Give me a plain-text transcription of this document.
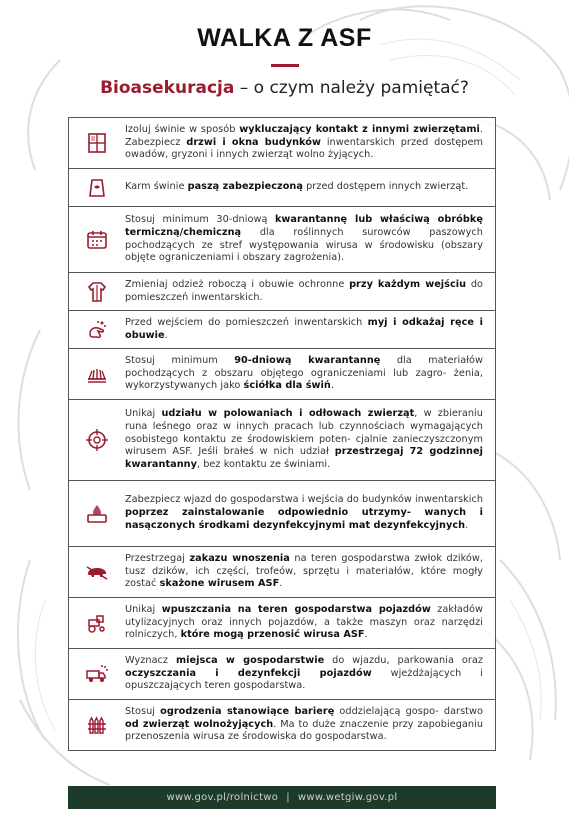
WALKA Z ASF
Bioasekuracja – o czym należy pamiętać?
Izoluj świnie w sposób wykluczający kontakt z innymi zwierzętami. Zabezpiecz drzwi i okna budynków inwentarskich przed dostępem owadów, gryzoni i innych zwierząt wolno żyjących.
Karm świnie paszą zabezpieczoną przed dostępem innych zwierząt.
Stosuj minimum 30-dniową kwarantannę lub właściwą obróbkę termiczną/chemiczną dla roślinnych surowców paszowych pochodzących ze stref występowania wirusa w środowisku (obszary objęte ograniczeniami i obszary zagrożenia).
Zmieniaj odzież roboczą i obuwie ochronne przy każdym wejściu do pomieszczeń inwentarskich.
Przed wejściem do pomieszczeń inwentarskich myj i odkażaj ręce i obuwie.
Stosuj minimum 90-dniową kwarantannę dla materiałów pochodzących z obszaru objętego ograniczeniami lub zagro- żenia, wykorzystywanych jako ściółka dla świń.
Unikaj udziału w polowaniach i odłowach zwierząt, w zbieraniu runa leśnego oraz w innych pracach lub czynnościach wymagających osobistego kontaktu ze środowiskiem poten- cjalnie zanieczyszczonym wirusem ASF. Jeśli brałeś w nich udział przestrzegaj 72 godzinnej kwarantanny, bez kontaktu ze świniami.
Zabezpiecz wjazd do gospodarstwa i wejścia do budynków inwentarskich poprzez zainstalowanie odpowiednio utrzymy- wanych i nasączonych środkami dezynfekcyjnymi mat dezynfekcyjnych.
Przestrzegaj zakazu wnoszenia na teren gospodarstwa zwłok dzików, tusz dzików, ich części, trofeów, sprzętu i materiałów, które mogły zostać skażone wirusem ASF.
Unikaj wpuszczania na teren gospodarstwa pojazdów zakładów utylizacyjnych oraz innych pojazdów, a także maszyn oraz narzędzi rolniczych, które mogą przenosić wirusa ASF.
Wyznacz miejsca w gospodarstwie do wjazdu, parkowania oraz oczyszczania i dezynfekcji pojazdów wjeżdżających i opuszczających teren gospodarstwa.
Stosuj ogrodzenia stanowiące barierę oddzielającą gospo- darstwo od zwierząt wolnożyjących. Ma to duże znaczenie przy zapobieganiu przenoszenia wirusa ze środowiska do gospodarstwa.
www.gov.pl/rolnictwo | www.wetgiw.gov.pl
